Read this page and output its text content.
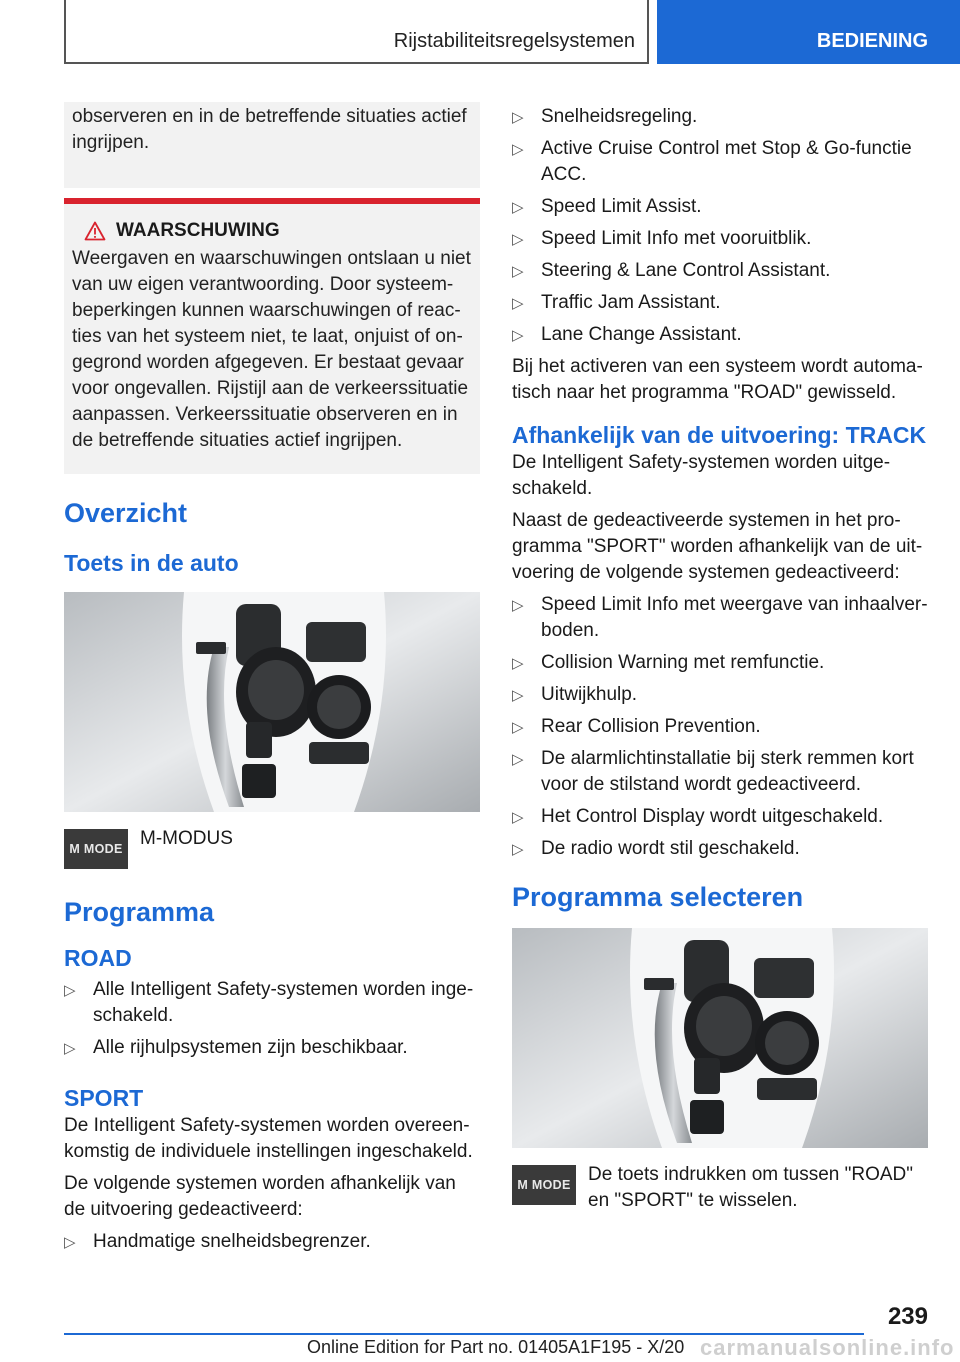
Rijstabiliteitsregelsystemen	BEDIENING
observeren en in de betreffende situaties actief ingrijpen.
WAARSCHUWING

Weergaven en waarschuwingen ontslaan u niet van uw eigen verantwoording. Door systeembeperkingen kunnen waarschuwingen of reacties van het systeem niet, te laat, onjuist of ongegrond worden afgegeven. Er bestaat gevaar voor ongevallen. Rijstijl aan de verkeerssituatie aanpassen. Verkeerssituatie observeren en in de betreffende situaties actief ingrijpen.

Overzicht
Toets in de auto
M MODE M-MODUS

Programma
ROAD
▷ Alle Intelligent Safety-systemen worden ingeschakeld.
▷ Alle rijhulpsystemen zijn beschikbaar.
SPORT

De Intelligent Safety-systemen worden overeenkomstig de individuele instellingen ingeschakeld.

De volgende systemen worden afhankelijk van de uitvoering gedeactiveerd:

▷ Handmatige snelheidsbegrenzer.
▷ Snelheidsregeling.
▷ Active Cruise Control met Stop & Go-functie ACC.
▷ Speed Limit Assist.
▷ Speed Limit Info met vooruitblik.
▷ Steering & Lane Control Assistant.
▷ Traffic Jam Assistant.
▷ Lane Change Assistant.

Bij het activeren van een systeem wordt automatisch naar het programma "ROAD" gewisseld.

Afhankelijk van de uitvoering: TRACK

De Intelligent Safety-systemen worden uitgeschakeld.

Naast de gedeactiveerde systemen in het programma "SPORT" worden afhankelijk van de uitvoering de volgende systemen gedeactiveerd:

▷ Speed Limit Info met weergave van inhaalverboden.
▷ Collision Warning met remfunctie.
▷ Uitwijkhulp.
▷ Rear Collision Prevention.
▷ De alarmlichtinstallatie bij sterk remmen kort voor de stilstand wordt gedeactiveerd.
▷ Het Control Display wordt uitgeschakeld.
▷ De radio wordt stil geschakeld.
Programma selecteren
M MODE De toets indrukken om tussen "ROAD" en "SPORT" te wisselen.

239
Online Edition for Part no. 01405A1F195 - X/20 carmanualsonline.info
